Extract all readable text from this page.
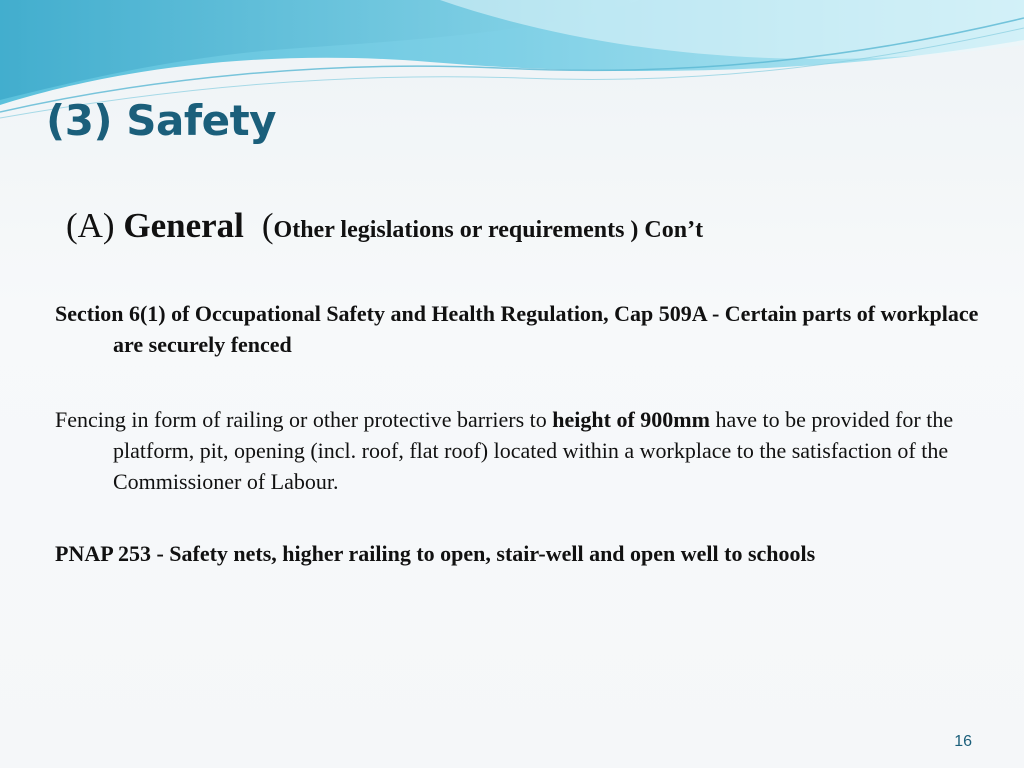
(3) Safety
(A) General (Other legislations or requirements ) Con’t

Section 6(1) of Occupational Safety and Health Regulation, Cap 509A - Certain parts of workplace are securely fenced

Fencing in form of railing or other protective barriers to height of 900mm have to be provided for the platform, pit, opening (incl. roof, flat roof) located within a workplace to the satisfaction of the Commissioner of Labour.

PNAP 253 - Safety nets, higher railing to open, stair-well and open well to schools

16
